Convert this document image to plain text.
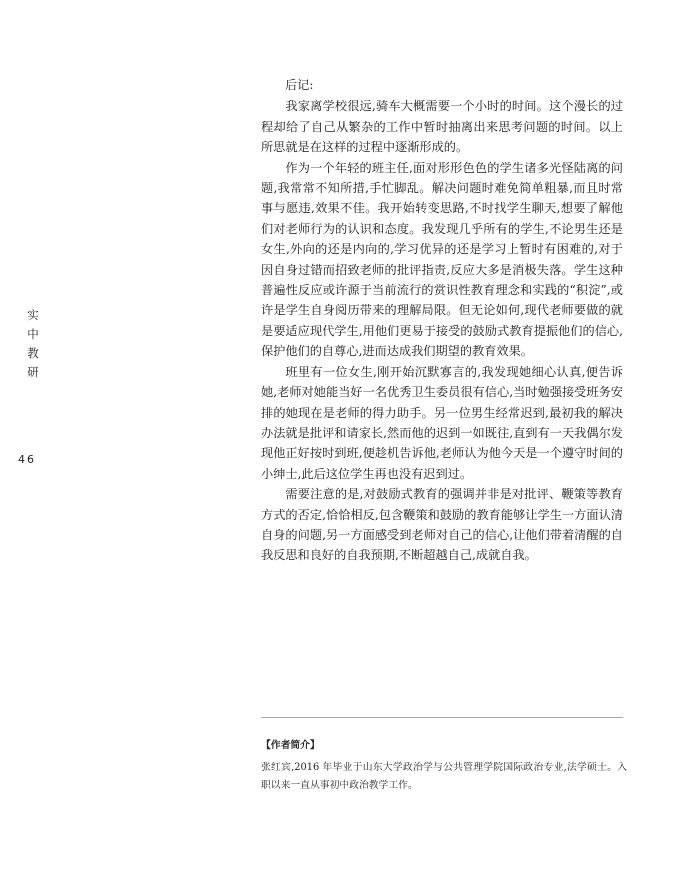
实
中
教
研
46
后记:

我家离学校很远,骑车大概需要一个小时的时间。这个漫长的过程却给了自己从繁杂的工作中暂时抽离出来思考问题的时间。以上所思就是在这样的过程中逐渐形成的。

作为一个年轻的班主任,面对形形色色的学生诸多光怪陆离的问题,我常常不知所措,手忙脚乱。解决问题时难免简单粗暴,而且时常事与愿违,效果不佳。我开始转变思路,不时找学生聊天,想要了解他们对老师行为的认识和态度。我发现几乎所有的学生,不论男生还是女生,外向的还是内向的,学习优异的还是学习上暂时有困难的,对于因自身过错而招致老师的批评指责,反应大多是消极失落。学生这种普遍性反应或许源于当前流行的赏识性教育理念和实践的“积淀”,或许是学生自身阅历带来的理解局限。但无论如何,现代老师要做的就是要适应现代学生,用他们更易于接受的鼓励式教育提振他们的信心,保护他们的自尊心,进而达成我们期望的教育效果。

班里有一位女生,刚开始沉默寡言的,我发现她细心认真,便告诉她,老师对她能当好一名优秀卫生委员很有信心,当时勉强接受班务安排的她现在是老师的得力助手。另一位男生经常迟到,最初我的解决办法就是批评和请家长,然而他的迟到一如既往,直到有一天我偶尔发现他正好按时到班,便趁机告诉他,老师认为他今天是一个遵守时间的小绅士,此后这位学生再也没有迟到过。

需要注意的是,对鼓励式教育的强调并非是对批评、鞭策等教育方式的否定,恰恰相反,包含鞭策和鼓励的教育能够让学生一方面认清自身的问题,另一方面感受到老师对自己的信心,让他们带着清醒的自我反思和良好的自我预期,不断超越自己,成就自我。

【作者简介】

张红宾,2016 年毕业于山东大学政治学与公共管理学院国际政治专业,法学硕士。入职以来一直从事初中政治教学工作。
